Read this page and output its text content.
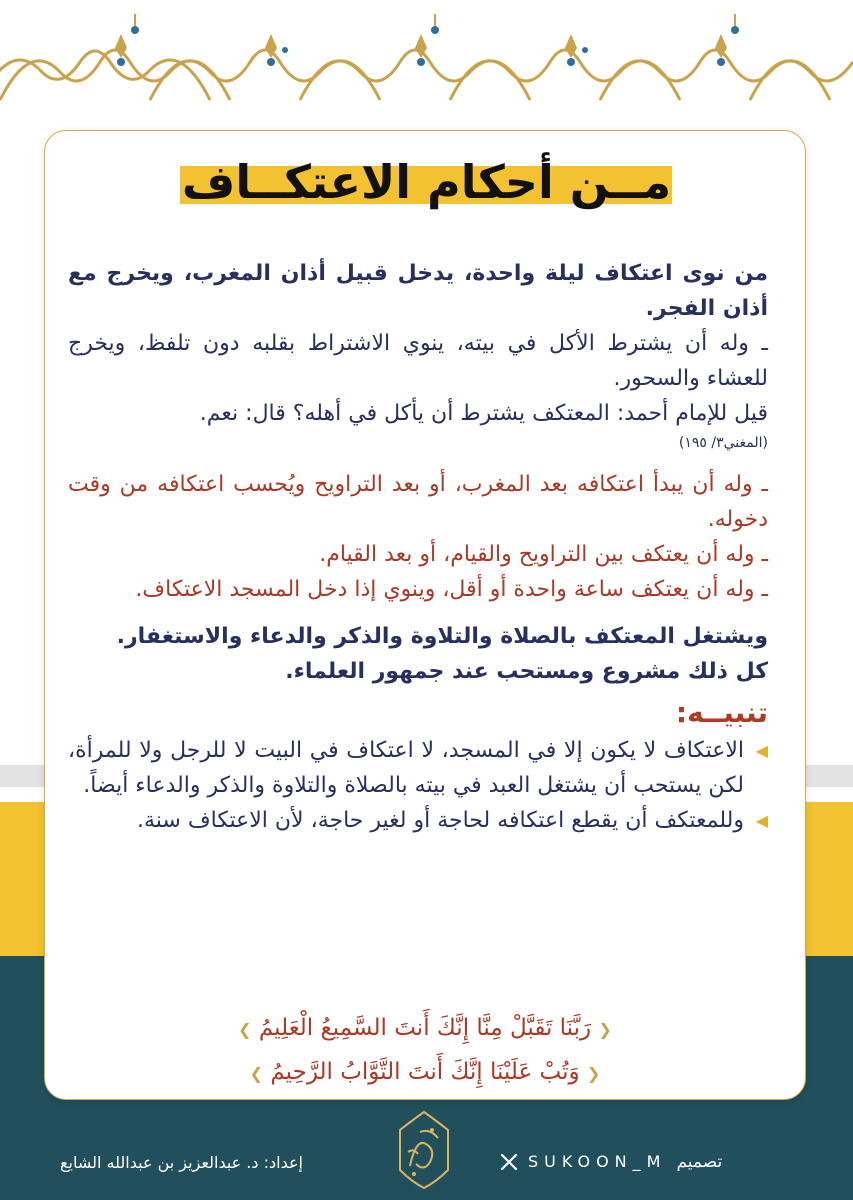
مــن أحكام الاعتكــاف

من نوى اعتكاف ليلة واحدة، يدخل قبيل أذان المغرب، ويخرج مع أذان الفجر.

ـ وله أن يشترط الأكل في بيته، ينوي الاشتراط بقلبه دون تلفظ، ويخرج للعشاء والسحور.

قيل للإمام أحمد: المعتكف يشترط أن يأكل في أهله؟ قال: نعم.

(المغني٣/ ١٩٥)

ـ وله أن يبدأ اعتكافه بعد المغرب، أو بعد التراويح ويُحسب اعتكافه من وقت دخوله.

ـ وله أن يعتكف بين التراويح والقيام، أو بعد القيام.

ـ وله أن يعتكف ساعة واحدة أو أقل، وينوي إذا دخل المسجد الاعتكاف.

ويشتغل المعتكف بالصلاة والتلاوة والذكر والدعاء والاستغفار.

كل ذلك مشروع ومستحب عند جمهور العلماء.

تنبيــه:

◀

الاعتكاف لا يكون إلا في المسجد، لا اعتكاف في البيت لا للرجل ولا للمرأة، لكن يستحب أن يشتغل العبد في بيته بالصلاة والتلاوة والذكر والدعاء أيضاً.

◀

وللمعتكف أن يقطع اعتكافه لحاجة أو لغير حاجة، لأن الاعتكاف سنة.

❮ رَبَّنَا تَقَبَّلْ مِنَّا إِنَّكَ أَنتَ السَّمِيعُ الْعَلِيمُ ❯

❮ وَتُبْ عَلَيْنَا إِنَّكَ أَنتَ التَّوَّابُ الرَّحِيمُ ❯

إعداد: د. عبدالعزيز بن عبدالله الشايع	SUKOON_M تصميم
